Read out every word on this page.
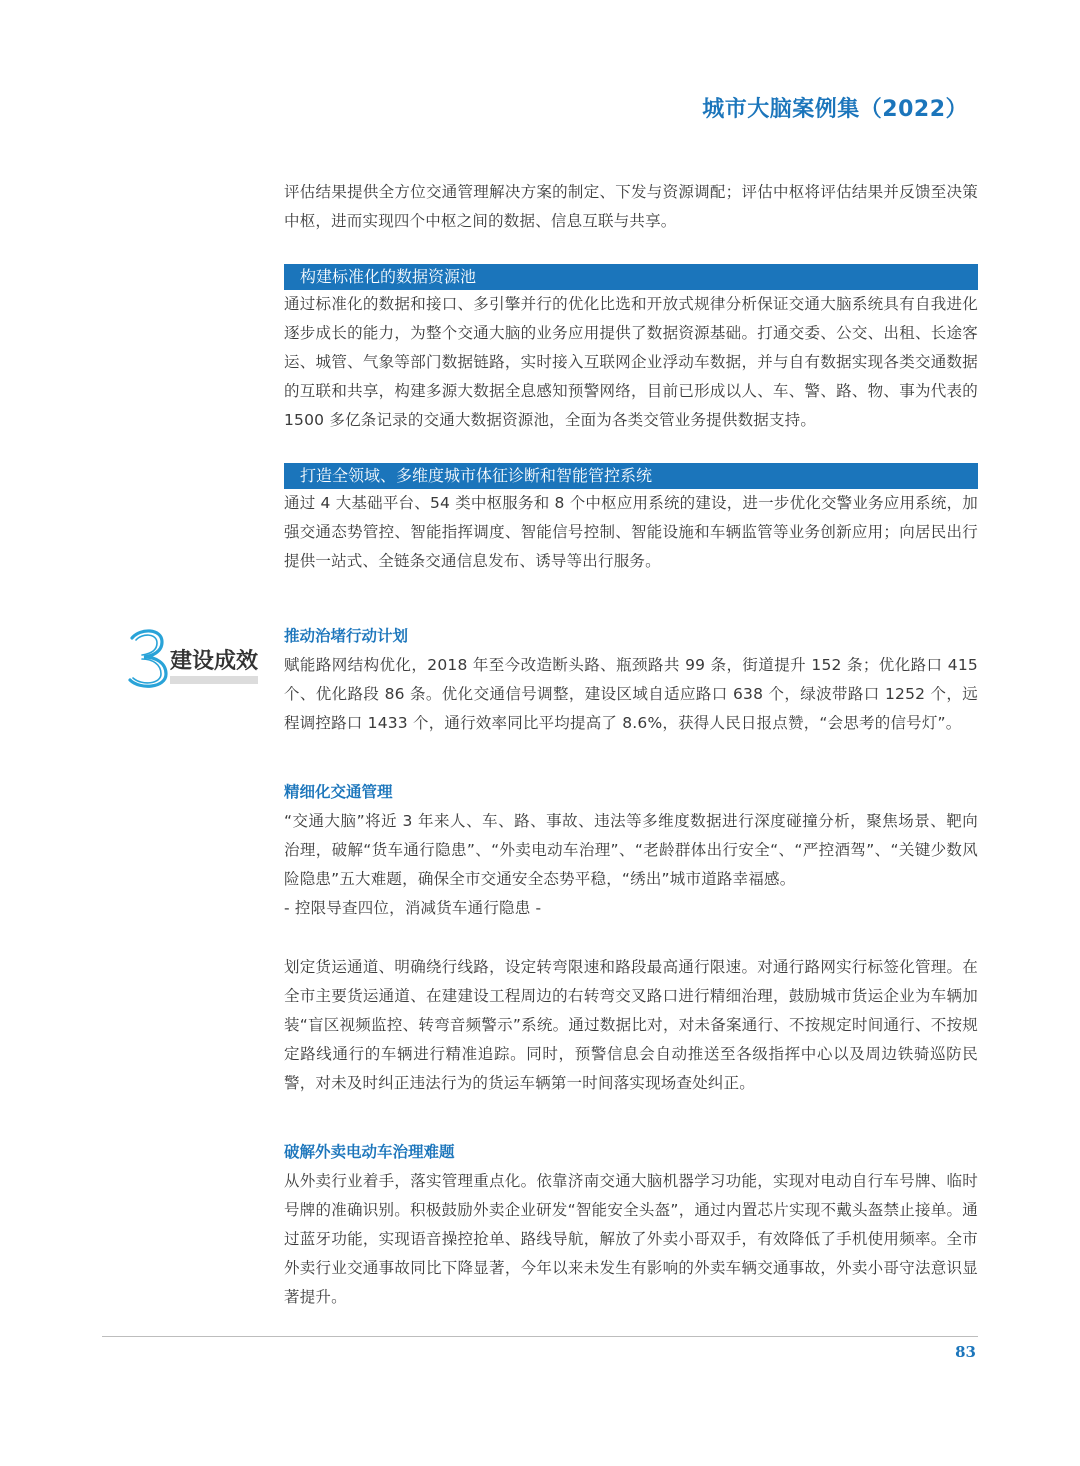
城市大脑案例集（2022）

评估结果提供全方位交通管理解决方案的制定、下发与资源调配；评估中枢将评估结果并反馈至决策中枢，进而实现四个中枢之间的数据、信息互联与共享。

构建标准化的数据资源池

通过标准化的数据和接口、多引擎并行的优化比选和开放式规律分析保证交通大脑系统具有自我进化逐步成长的能力，为整个交通大脑的业务应用提供了数据资源基础。打通交委、公交、出租、长途客运、城管、气象等部门数据链路，实时接入互联网企业浮动车数据，并与自有数据实现各类交通数据的互联和共享，构建多源大数据全息感知预警网络，目前已形成以人、车、警、路、物、事为代表的 1500 多亿条记录的交通大数据资源池，全面为各类交管业务提供数据支持。

打造全领域、多维度城市体征诊断和智能管控系统

通过 4 大基础平台、54 类中枢服务和 8 个中枢应用系统的建设，进一步优化交警业务应用系统，加强交通态势管控、智能指挥调度、智能信号控制、智能设施和车辆监管等业务创新应用；向居民出行提供一站式、全链条交通信息发布、诱导等出行服务。

推动治堵行动计划

赋能路网结构优化，2018 年至今改造断头路、瓶颈路共 99 条，街道提升 152 条；优化路口 415 个、优化路段 86 条。优化交通信号调整，建设区域自适应路口 638 个，绿波带路口 1252 个，远程调控路口 1433 个，通行效率同比平均提高了 8.6%，获得人民日报点赞，“会思考的信号灯”。

精细化交通管理

“交通大脑”将近 3 年来人、车、路、事故、违法等多维度数据进行深度碰撞分析，聚焦场景、靶向治理，破解“货车通行隐患”、“外卖电动车治理”、“老龄群体出行安全“、“严控酒驾”、“关键少数风险隐患”五大难题，确保全市交通安全态势平稳，“绣出”城市道路幸福感。

- 控限导查四位，消减货车通行隐患 -

划定货运通道、明确绕行线路，设定转弯限速和路段最高通行限速。对通行路网实行标签化管理。在全市主要货运通道、在建建设工程周边的右转弯交叉路口进行精细治理，鼓励城市货运企业为车辆加装“盲区视频监控、转弯音频警示”系统。通过数据比对，对未备案通行、不按规定时间通行、不按规定路线通行的车辆进行精准追踪。同时，预警信息会自动推送至各级指挥中心以及周边铁骑巡防民警，对未及时纠正违法行为的货运车辆第一时间落实现场查处纠正。

破解外卖电动车治理难题

从外卖行业着手，落实管理重点化。依靠济南交通大脑机器学习功能，实现对电动自行车号牌、临时号牌的准确识别。积极鼓励外卖企业研发“智能安全头盔”，通过内置芯片实现不戴头盔禁止接单。通过蓝牙功能，实现语音操控抢单、路线导航，解放了外卖小哥双手，有效降低了手机使用频率。全市外卖行业交通事故同比下降显著，今年以来未发生有影响的外卖车辆交通事故，外卖小哥守法意识显著提升。

建设成效
83
